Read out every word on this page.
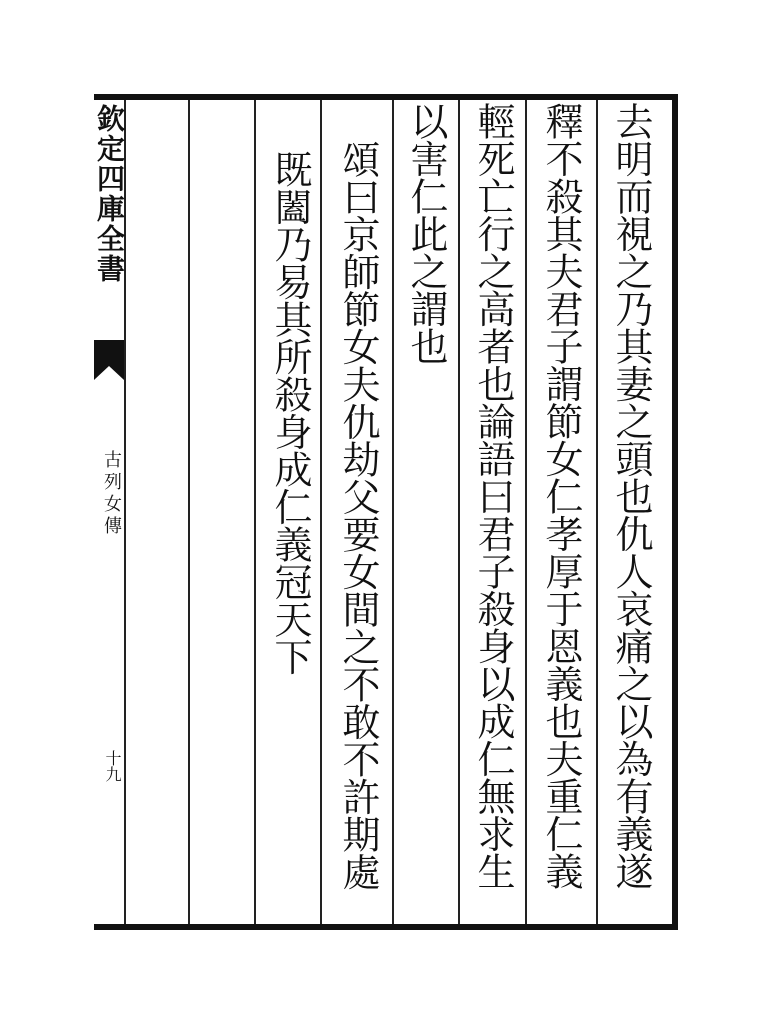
欽定四庫全書
古列女傳
十九	去明而視之乃其妻之頭也仇人哀痛之以為有義遂
釋不殺其夫君子謂節女仁孝厚于恩義也夫重仁義
輕死亡行之高者也論語曰君子殺身以成仁無求生
以害仁此之謂也
頌曰京師節女夫仇劫父要女間之不敢不許期處
既闔乃易其所殺身成仁義冠天下
